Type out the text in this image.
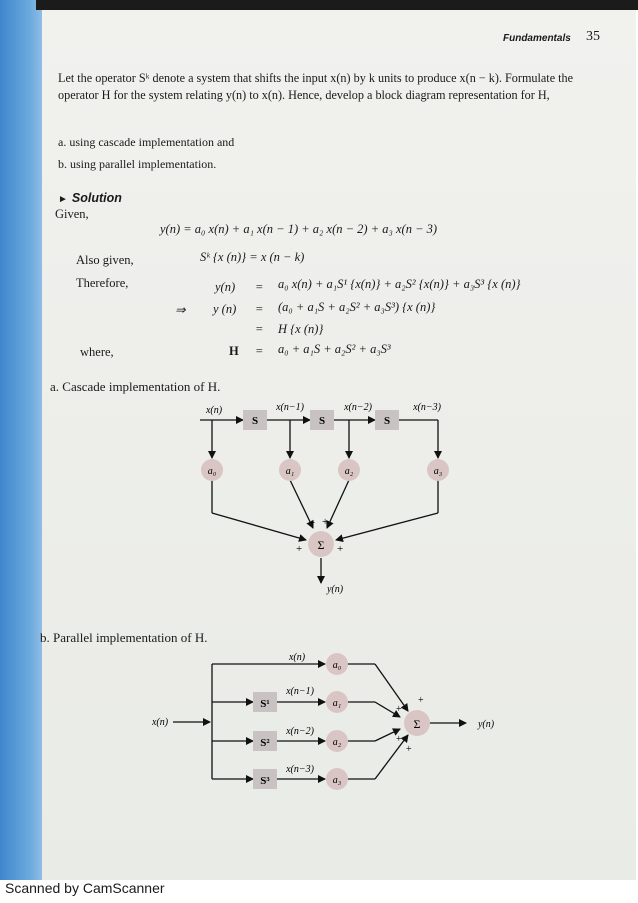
Fundamentals 35
Let the operator Sᵏ denote a system that shifts the input x(n) by k units to produce x(n − k). Formulate the operator H for the system relating y(n) to x(n). Hence, develop a block diagram representation for H,
a. using cascade implementation and
b. using parallel implementation.
► Solution
Given,
y(n) = a₀ x(n) + a₁ x(n − 1) + a₂ x(n − 2) + a₃ x(n − 3)
Also given,	Sᵏ {x (n)} = x (n − k)
Therefore,	y(n) = a₀ x(n) + a₁S¹ {x(n)} + a₂S² {x(n)} + a₃S³ {x (n)}
⇒ y (n) = (a₀ + a₁S + a₂S² + a₃S³) {x (n)}
= H {x (n)}
where,	H = a₀ + a₁S + a₂S² + a₃S³
a. Cascade implementation of H.
S	S	S
x(n)	x(n−1)	x(n−2)	x(n−3)
a₀	a₁	a₂	a₃
Σ
+
+ +
+
y(n)
b. Parallel implementation of H.
S¹
S²
S³
x(n)
x(n−1)
x(n−2)
x(n−3)
x(n)	y(n)
a₀
a₁
a₂
a₃
Σ
+
+
+
+
Scanned by CamScanner
